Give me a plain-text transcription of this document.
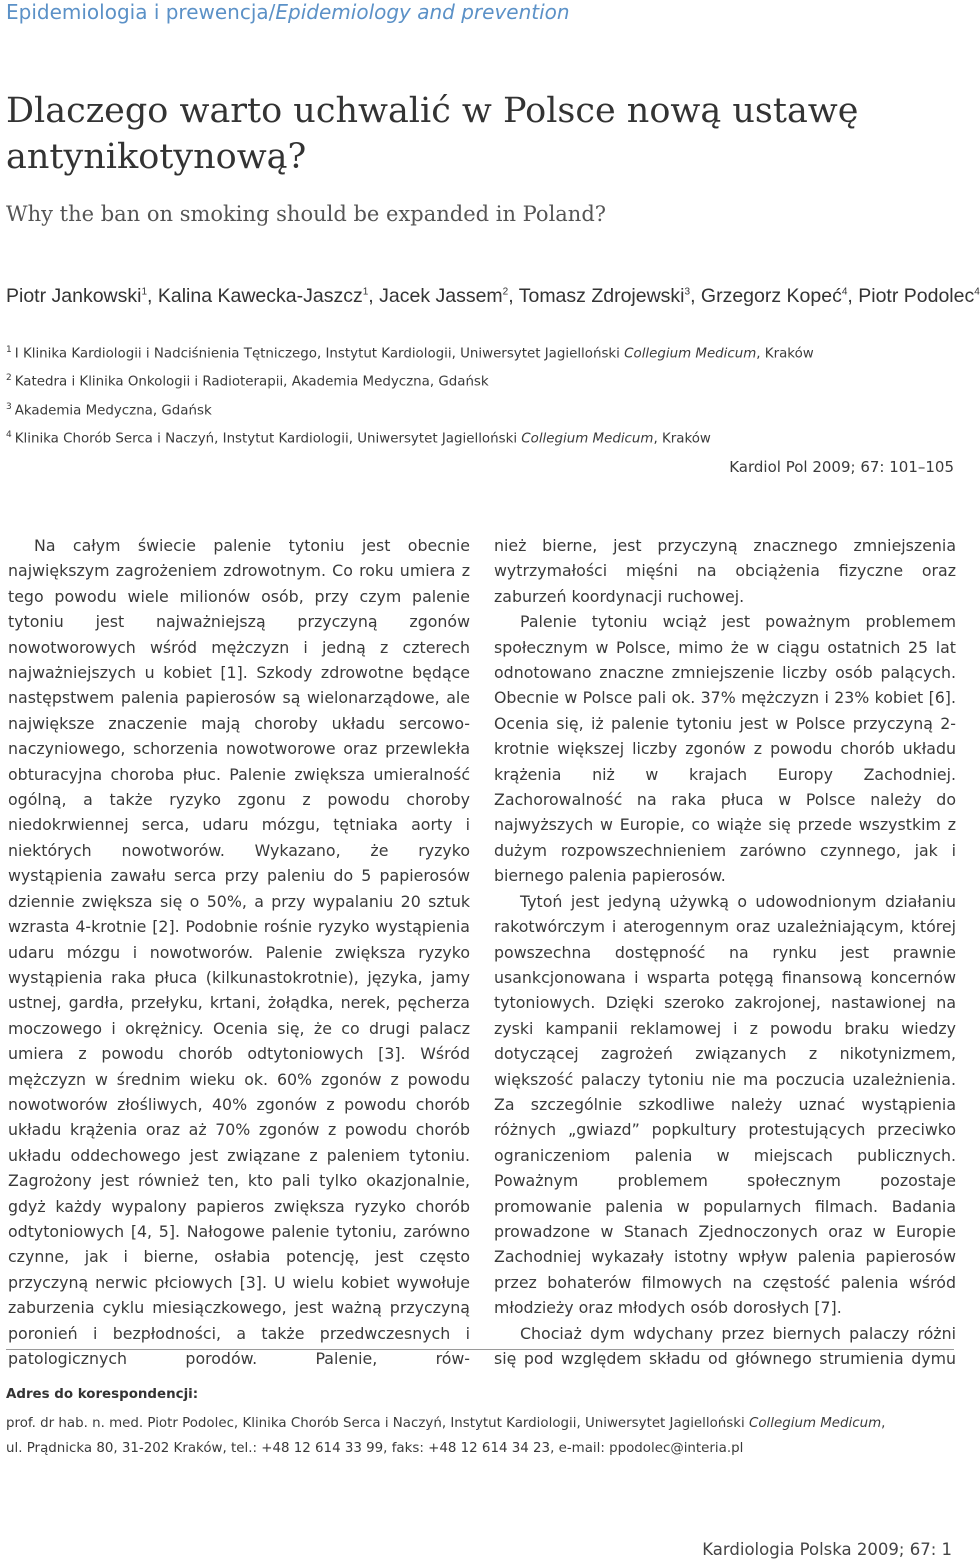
Epidemiologia i prewencja/Epidemiology and prevention
Dlaczego warto uchwalić w Polsce nową ustawę antynikotynową?
Why the ban on smoking should be expanded in Poland?
Piotr Jankowski$^1$, Kalina Kawecka-Jaszcz$^1$, Jacek Jassem$^2$, Tomasz Zdrojewski$^3$, Grzegorz Kopeć$^4$, Piotr Podolec$^4$
$^1$ I Klinika Kardiologii i Nadciśnienia Tętniczego, Instytut Kardiologii, Uniwersytet Jagielloński Collegium Medicum, Kraków
$^2$ Katedra i Klinika Onkologii i Radioterapii, Akademia Medyczna, Gdańsk
$^3$ Akademia Medyczna, Gdańsk
$^4$ Klinika Chorób Serca i Naczyń, Instytut Kardiologii, Uniwersytet Jagielloński Collegium Medicum, Kraków
Kardiol Pol 2009; 67: 101–105

Na całym świecie palenie tytoniu jest obecnie największym zagrożeniem zdrowotnym. Co roku umiera z tego powodu wiele milionów osób, przy czym palenie tytoniu jest najważniejszą przyczyną zgonów nowotworowych wśród mężczyzn i jedną z czterech najważniejszych u kobiet [1]. Szkody zdrowotne będące następstwem palenia papierosów są wielonarządowe, ale największe znaczenie mają choroby układu sercowo-naczyniowego, schorzenia nowotworowe oraz przewlekła obturacyjna choroba płuc. Palenie zwiększa umieralność ogólną, a także ryzyko zgonu z powodu choroby niedokrwiennej serca, udaru mózgu, tętniaka aorty i niektórych nowotworów. Wykazano, że ryzyko wystąpienia zawału serca przy paleniu do 5 papierosów dziennie zwiększa się o 50%, a przy wypalaniu 20 sztuk wzrasta 4-krotnie [2]. Podobnie rośnie ryzyko wystąpienia udaru mózgu i nowotworów. Palenie zwiększa ryzyko wystąpienia raka płuca (kilkunastokrotnie), języka, jamy ustnej, gardła, przełyku, krtani, żołądka, nerek, pęcherza moczowego i okrężnicy. Ocenia się, że co drugi palacz umiera z powodu chorób odtytoniowych [3]. Wśród mężczyzn w średnim wieku ok. 60% zgonów z powodu nowotworów złośliwych, 40% zgonów z powodu chorób układu krążenia oraz aż 70% zgonów z powodu chorób układu oddechowego jest związane z paleniem tytoniu. Zagrożony jest również ten, kto pali tylko okazjonalnie, gdyż każdy wypalony papieros zwiększa ryzyko chorób odtytoniowych [4, 5]. Nałogowe palenie tytoniu, zarówno czynne, jak i bierne, osłabia potencję, jest często przyczyną nerwic płciowych [3]. U wielu kobiet wywołuje zaburzenia cyklu miesiączkowego, jest ważną przyczyną poronień i bezpłodności, a także przedwczesnych i patologicznych porodów. Palenie, rów-

nież bierne, jest przyczyną znacznego zmniejszenia wytrzymałości mięśni na obciążenia fizyczne oraz zaburzeń koordynacji ruchowej.

Palenie tytoniu wciąż jest poważnym problemem społecznym w Polsce, mimo że w ciągu ostatnich 25 lat odnotowano znaczne zmniejszenie liczby osób palących. Obecnie w Polsce pali ok. 37% mężczyzn i 23% kobiet [6]. Ocenia się, iż palenie tytoniu jest w Polsce przyczyną 2-krotnie większej liczby zgonów z powodu chorób układu krążenia niż w krajach Europy Zachodniej. Zachorowalność na raka płuca w Polsce należy do najwyższych w Europie, co wiąże się przede wszystkim z dużym rozpowszechnieniem zarówno czynnego, jak i biernego palenia papierosów.

Tytoń jest jedyną używką o udowodnionym działaniu rakotwórczym i aterogennym oraz uzależniającym, której powszechna dostępność na rynku jest prawnie usankcjonowana i wsparta potęgą finansową koncernów tytoniowych. Dzięki szeroko zakrojonej, nastawionej na zyski kampanii reklamowej i z powodu braku wiedzy dotyczącej zagrożeń związanych z nikotynizmem, większość palaczy tytoniu nie ma poczucia uzależnienia. Za szczególnie szkodliwe należy uznać wystąpienia różnych „gwiazd” popkultury protestujących przeciwko ograniczeniom palenia w miejscach publicznych. Poważnym problemem społecznym pozostaje promowanie palenia w popularnych filmach. Badania prowadzone w Stanach Zjednoczonych oraz w Europie Zachodniej wykazały istotny wpływ palenia papierosów przez bohaterów filmowych na częstość palenia wśród młodzieży oraz młodych osób dorosłych [7].

Chociaż dym wdychany przez biernych palaczy różni się pod względem składu od głównego strumienia dymu

Adres do korespondencji:
prof. dr hab. n. med. Piotr Podolec, Klinika Chorób Serca i Naczyń, Instytut Kardiologii, Uniwersytet Jagielloński Collegium Medicum,
ul. Prądnicka 80, 31-202 Kraków, tel.: +48 12 614 33 99, faks: +48 12 614 34 23, e-mail: ppodolec@interia.pl
Kardiologia Polska 2009; 67: 1
